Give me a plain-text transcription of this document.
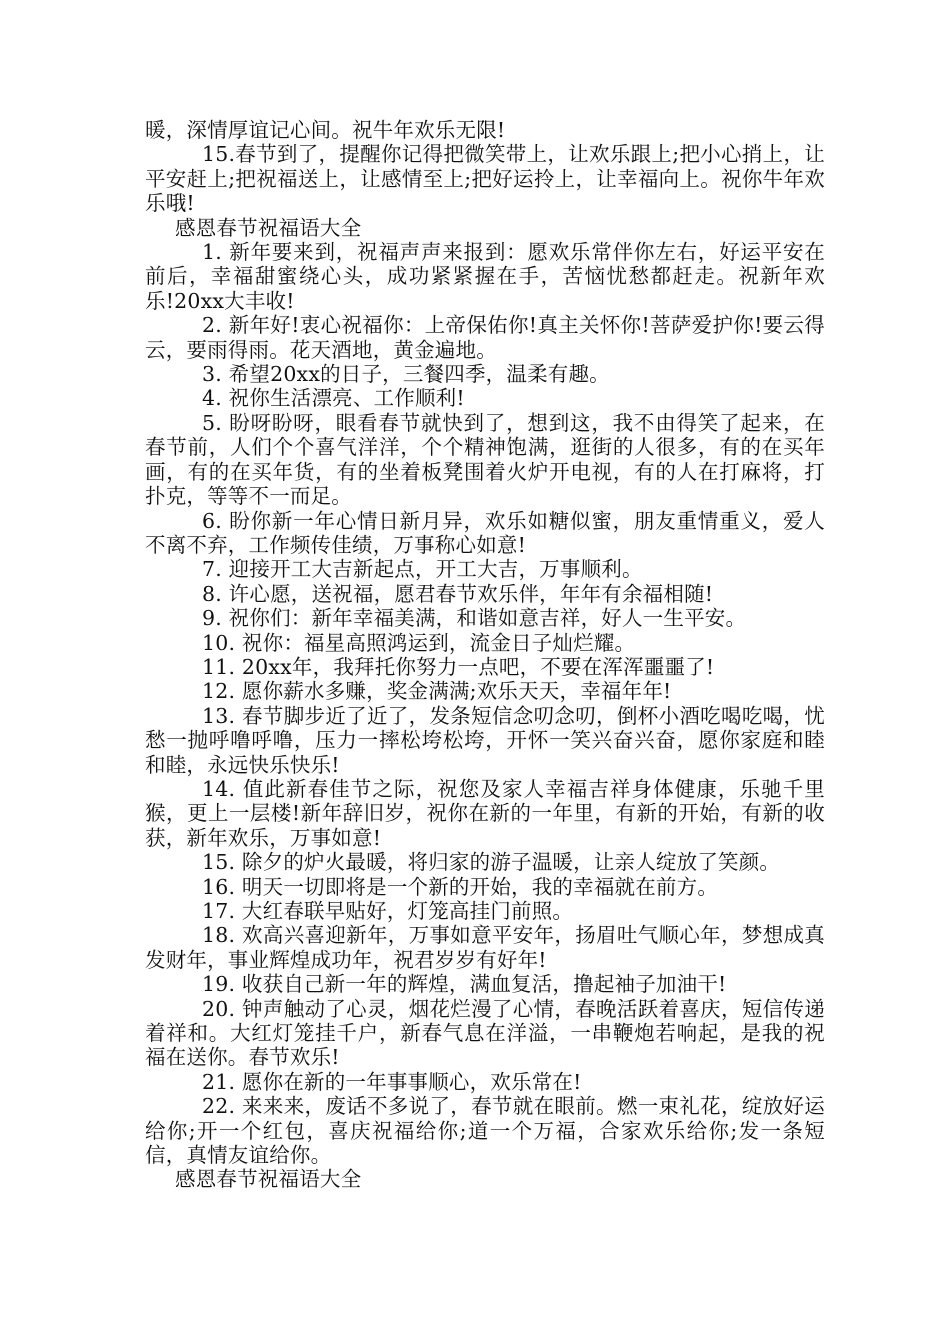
暖，深情厚谊记心间。祝牛年欢乐无限!

15.春节到了，提醒你记得把微笑带上，让欢乐跟上;把小心捎上，让平安赶上;把祝福送上，让感情至上;把好运拎上，让幸福向上。祝你牛年欢乐哦!

感恩春节祝福语大全

1. 新年要来到，祝福声声来报到：愿欢乐常伴你左右，好运平安在前后，幸福甜蜜绕心头，成功紧紧握在手，苦恼忧愁都赶走。祝新年欢乐!20xx大丰收!

2. 新年好!衷心祝福你：上帝保佑你!真主关怀你!菩萨爱护你!要云得云，要雨得雨。花天酒地，黄金遍地。

3. 希望20xx的日子，三餐四季，温柔有趣。

4. 祝你生活漂亮、工作顺利!

5. 盼呀盼呀，眼看春节就快到了，想到这，我不由得笑了起来，在春节前，人们个个喜气洋洋，个个精神饱满，逛街的人很多，有的在买年画，有的在买年货，有的坐着板凳围着火炉开电视，有的人在打麻将，打扑克，等等不一而足。

6. 盼你新一年心情日新月异，欢乐如糖似蜜，朋友重情重义，爱人不离不弃，工作频传佳绩，万事称心如意!

7. 迎接开工大吉新起点，开工大吉，万事顺利。

8. 许心愿，送祝福，愿君春节欢乐伴，年年有余福相随!

9. 祝你们：新年幸福美满，和谐如意吉祥，好人一生平安。

10. 祝你：福星高照鸿运到，流金日子灿烂耀。

11. 20xx年，我拜托你努力一点吧，不要在浑浑噩噩了!

12. 愿你薪水多赚，奖金满满;欢乐天天，幸福年年!

13. 春节脚步近了近了，发条短信念叨念叨，倒杯小酒吃喝吃喝，忧愁一抛呼噜呼噜，压力一摔松垮松垮，开怀一笑兴奋兴奋，愿你家庭和睦和睦，永远快乐快乐!

14. 值此新春佳节之际，祝您及家人幸福吉祥身体健康，乐驰千里猴，更上一层楼!新年辞旧岁，祝你在新的一年里，有新的开始，有新的收获，新年欢乐，万事如意!

15. 除夕的炉火最暖，将归家的游子温暖，让亲人绽放了笑颜。

16. 明天一切即将是一个新的开始，我的幸福就在前方。

17. 大红春联早贴好，灯笼高挂门前照。

18. 欢高兴喜迎新年，万事如意平安年，扬眉吐气顺心年，梦想成真发财年，事业辉煌成功年，祝君岁岁有好年!

19. 收获自己新一年的辉煌，满血复活，撸起袖子加油干!

20. 钟声触动了心灵，烟花烂漫了心情，春晚活跃着喜庆，短信传递着祥和。大红灯笼挂千户，新春气息在洋溢，一串鞭炮若响起，是我的祝福在送你。春节欢乐!

21. 愿你在新的一年事事顺心，欢乐常在!

22. 来来来，废话不多说了，春节就在眼前。燃一束礼花，绽放好运给你;开一个红包，喜庆祝福给你;道一个万福，合家欢乐给你;发一条短信，真情友谊给你。

感恩春节祝福语大全
